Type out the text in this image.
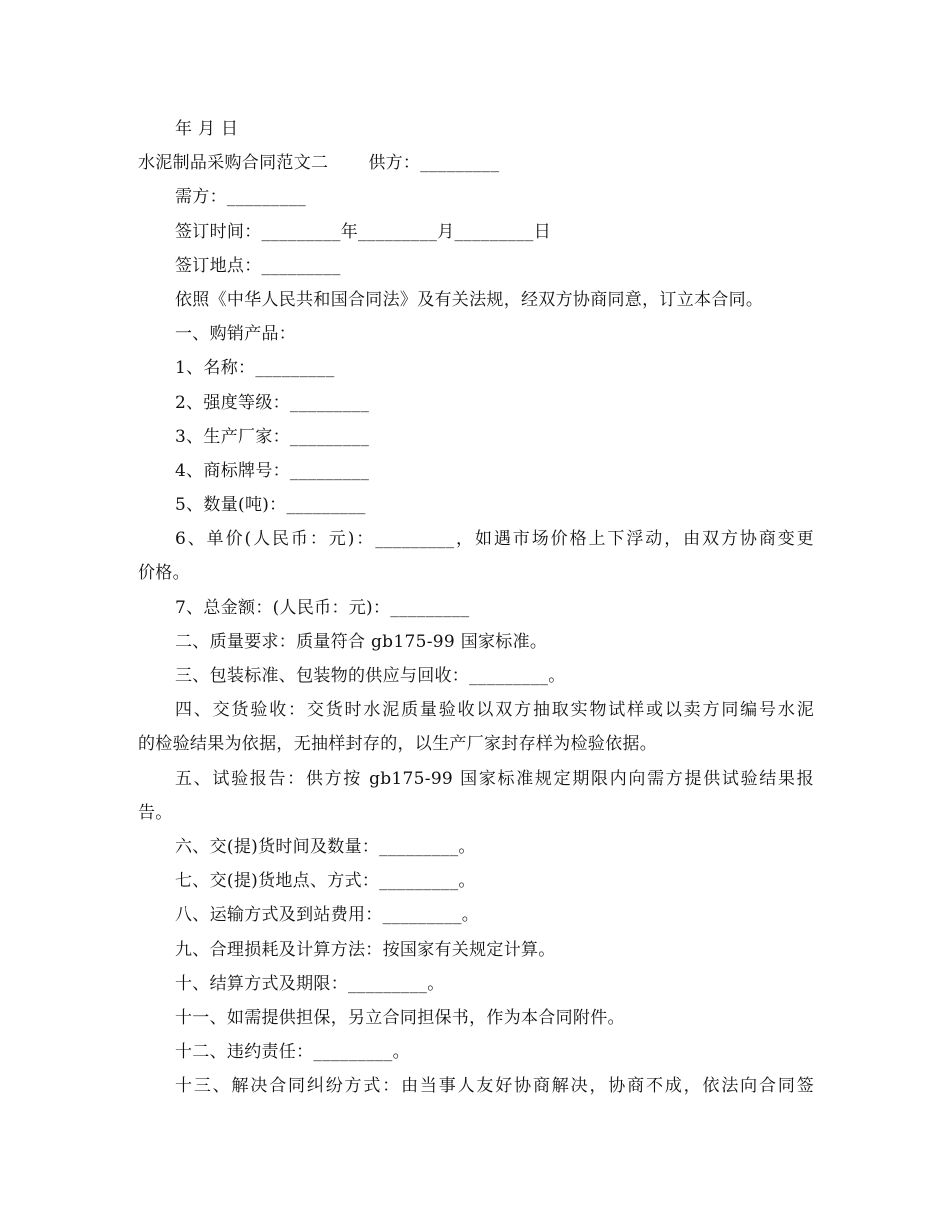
年 月 日
水泥制品采购合同范文二 供方：_________
需方：_________
签订时间：_________年_________月_________日
签订地点：_________
依照《中华人民共和国合同法》及有关法规，经双方协商同意，订立本合同。
一、购销产品：
1、名称：_________
2、强度等级：_________
3、生产厂家：_________
4、商标牌号：_________
5、数量(吨)：_________
6、单价(人民币：元)：_________，如遇市场价格上下浮动，由双方协商变更
价格。
7、总金额：(人民币：元)：_________
二、质量要求：质量符合 gb175-99 国家标准。
三、包装标准、包装物的供应与回收：_________。
四、交货验收：交货时水泥质量验收以双方抽取实物试样或以卖方同编号水泥
的检验结果为依据，无抽样封存的，以生产厂家封存样为检验依据。
五、试验报告：供方按 gb175-99 国家标准规定期限内向需方提供试验结果报
告。
六、交(提)货时间及数量：_________。
七、交(提)货地点、方式：_________。
八、运输方式及到站费用：_________。
九、合理损耗及计算方法：按国家有关规定计算。
十、结算方式及期限：_________。
十一、如需提供担保，另立合同担保书，作为本合同附件。
十二、违约责任：_________。
十三、解决合同纠纷方式：由当事人友好协商解决，协商不成，依法向合同签
